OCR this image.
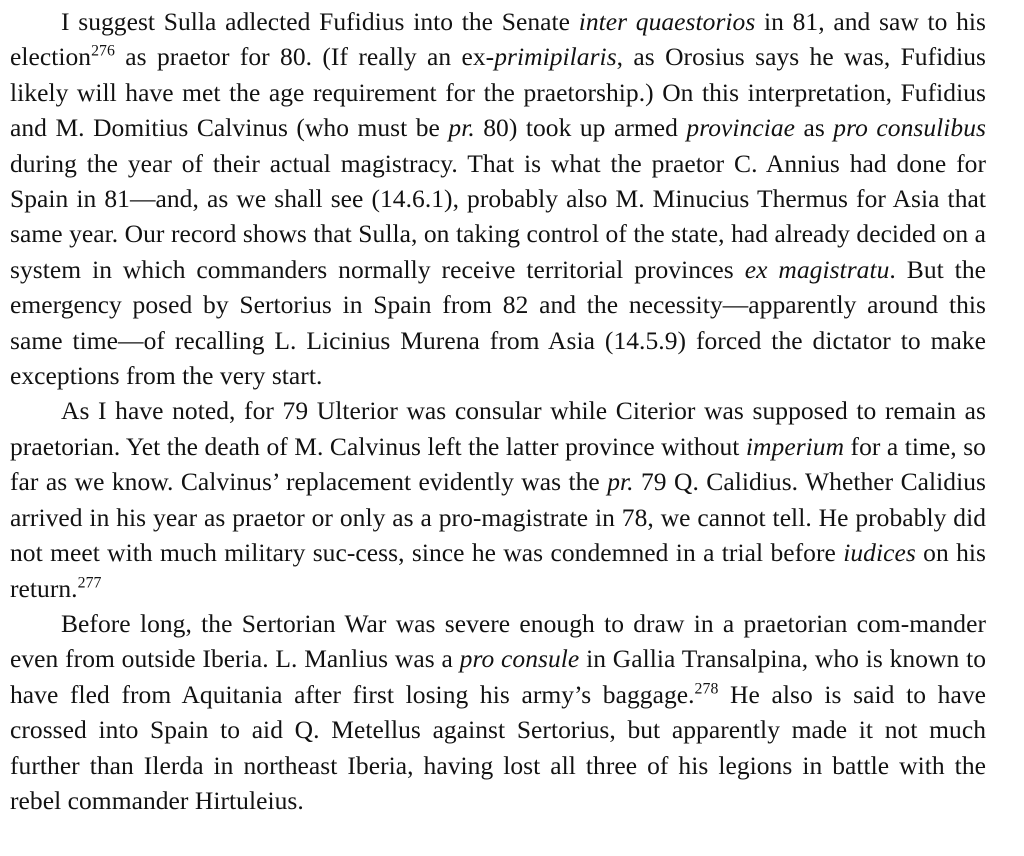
I suggest Sulla adlected Fufidius into the Senate inter quaestorios in 81, and saw to his election$^{276}$ as praetor for 80. (If really an ex-primipilaris, as Orosius says he was, Fufidius likely will have met the age requirement for the praetorship.) On this interpretation, Fufidius and M. Domitius Calvinus (who must be pr. 80) took up armed provinciae as pro consulibus during the year of their actual magistracy. That is what the praetor C. Annius had done for Spain in 81—and, as we shall see (14.6.1), probably also M. Minucius Thermus for Asia that same year. Our record shows that Sulla, on taking control of the state, had already decided on a system in which commanders normally receive territorial provinces ex magistratu. But the emergency posed by Sertorius in Spain from 82 and the necessity—apparently around this same time—of recalling L. Licinius Murena from Asia (14.5.9) forced the dictator to make exceptions from the very start.

As I have noted, for 79 Ulterior was consular while Citerior was supposed to remain as praetorian. Yet the death of M. Calvinus left the latter province without imperium for a time, so far as we know. Calvinus’ replacement evidently was the pr. 79 Q. Calidius. Whether Calidius arrived in his year as praetor or only as a pro-magistrate in 78, we cannot tell. He probably did not meet with much military suc-cess, since he was condemned in a trial before iudices on his return.$^{277}$

Before long, the Sertorian War was severe enough to draw in a praetorian com-mander even from outside Iberia. L. Manlius was a pro consule in Gallia Transalpina, who is known to have fled from Aquitania after first losing his army’s baggage.$^{278}$ He also is said to have crossed into Spain to aid Q. Metellus against Sertorius, but apparently made it not much further than Ilerda in northeast Iberia, having lost all three of his legions in battle with the rebel commander Hirtuleius.
